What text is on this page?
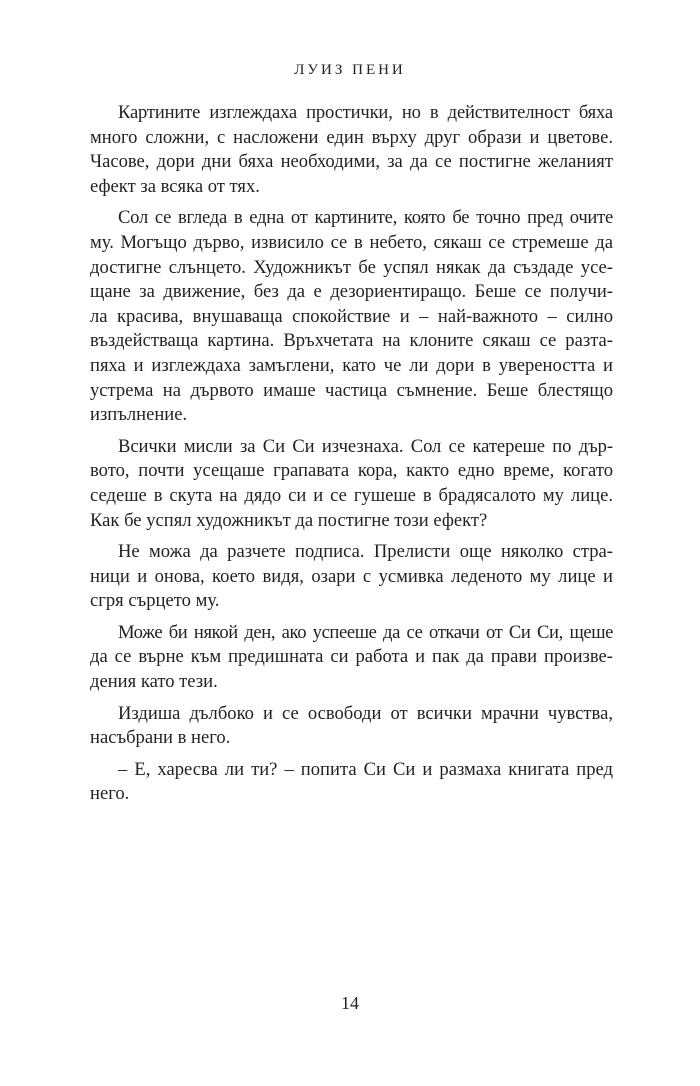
ЛУИЗ ПЕНИ
Картините изглеждаха простички, но в действителност бяха
много сложни, с насложени един върху друг образи и цветове.
Часове, дори дни бяха необходими, за да се постигне желаният
ефект за всяка от тях.
Сол се вгледа в една от картините, която бе точно пред очите
му. Могъщо дърво, извисило се в небето, сякаш се стремеше да
достигне слънцето. Художникът бе успял някак да създаде усе-
щане за движение, без да е дезориентиращо. Беше се получи-
ла красива, внушаваща спокойствие и – най-важното – силно
въздействаща картина. Връхчетата на клоните сякаш се разта-
пяха и изглеждаха замъглени, като че ли дори в увереността и
устрема на дървото имаше частица съмнение. Беше блестящо
изпълнение.
Всички мисли за Си Си изчезнаха. Сол се катереше по дър-
вото, почти усещаше грапавата кора, както едно време, когато
седеше в скута на дядо си и се гушеше в брадясалото му лице.
Как бе успял художникът да постигне този ефект?
Не можа да разчете подписа. Прелисти още няколко стра-
ници и онова, което видя, озари с усмивка леденото му лице и
сгря сърцето му.
Може би някой ден, ако успееше да се откачи от Си Си, щеше
да се върне към предишната си работа и пак да прави произве-
дения като тези.
Издиша дълбоко и се освободи от всички мрачни чувства,
насъбрани в него.
– Е, харесва ли ти? – попита Си Си и размаха книгата пред
него.
14
